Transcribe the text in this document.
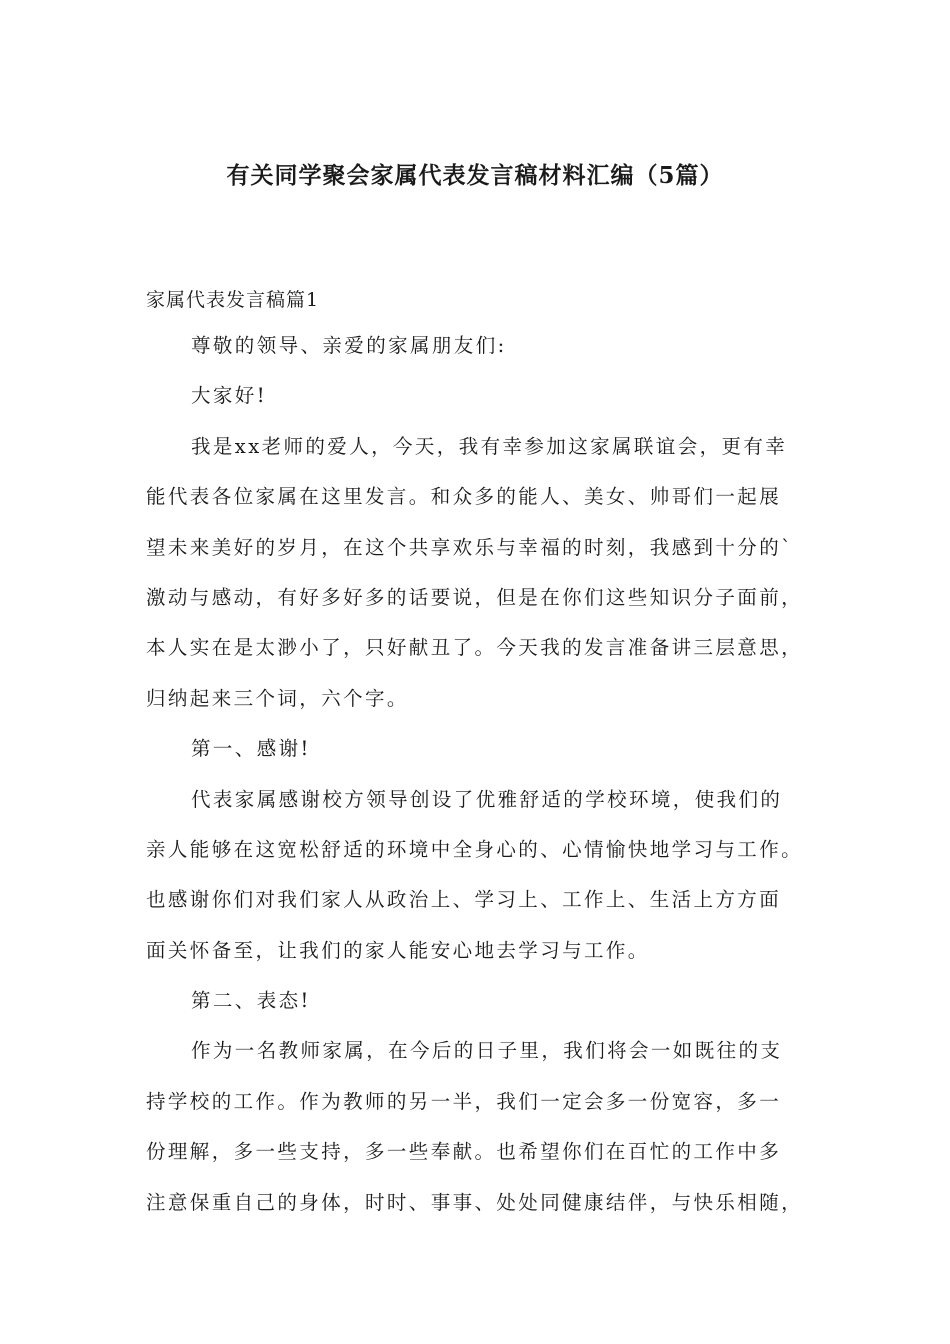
有关同学聚会家属代表发言稿材料汇编（5篇）
家属代表发言稿篇1
尊敬的领导、亲爱的家属朋友们:
大家好!
我是xx老师的爱人，今天，我有幸参加这家属联谊会，更有幸
能代表各位家属在这里发言。和众多的能人、美女、帅哥们一起展
望未来美好的岁月，在这个共享欢乐与幸福的时刻，我感到十分的`
激动与感动，有好多好多的话要说，但是在你们这些知识分子面前，
本人实在是太渺小了，只好献丑了。今天我的发言准备讲三层意思，
归纳起来三个词，六个字。
第一、感谢!
代表家属感谢校方领导创设了优雅舒适的学校环境，使我们的
亲人能够在这宽松舒适的环境中全身心的、心情愉快地学习与工作。
也感谢你们对我们家人从政治上、学习上、工作上、生活上方方面
面关怀备至，让我们的家人能安心地去学习与工作。
第二、表态!
作为一名教师家属，在今后的日子里，我们将会一如既往的支
持学校的工作。作为教师的另一半，我们一定会多一份宽容，多一
份理解，多一些支持，多一些奉献。也希望你们在百忙的工作中多
注意保重自己的身体，时时、事事、处处同健康结伴，与快乐相随，
